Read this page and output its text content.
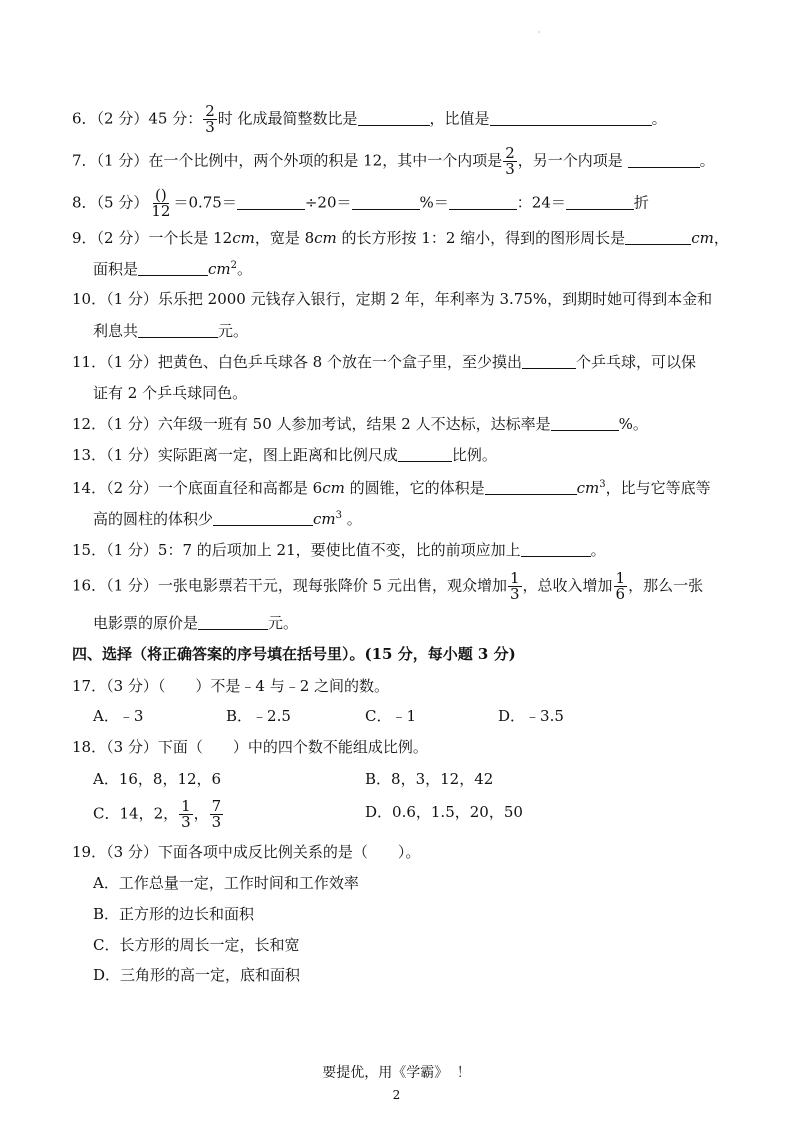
·
6．（2 分）45 分： $\frac{2}{3}$ 时 化成最简整数比是	，比值是	。
7．（1 分）在一个比例中，两个外项的积是 12，其中一个内项是 $\frac{2}{3}$ ，另一个内项是	。
8．（5 分） $\frac{()}{12} =0.75=$	÷20＝	%＝	：24＝	折
9．（2 分）一个长是 12cm，宽是 8cm 的长方形按 1：2 缩小，得到的图形周长是	cm，
面积是	$cm^2$。
10．（1 分）乐乐把 2000 元钱存入银行，定期 2 年，年利率为 3.75%，到期时她可得到本金和
利息共	元。
11．（1 分）把黄色、白色乒乓球各 8 个放在一个盒子里，至少摸出	个乒乓球，可以保
证有 2 个乒乓球同色。
12．（1 分）六年级一班有 50 人参加考试，结果 2 人不达标，达标率是	%。
13．（1 分）实际距离一定，图上距离和比例尺成	比例。
14．（2 分）一个底面直径和高都是 6cm 的圆锥，它的体积是	$cm^3$，比与它等底等
高的圆柱的体积少	$cm^3$ 。
15．（1 分）5：7 的后项加上 21，要使比值不变，比的前项应加上	。
16．（1 分）一张电影票若干元，现每张降价 5 元出售，观众增加 $\frac{1}{3}$ ，总收入增加 $\frac{1}{6}$ ，那么一张
电影票的原价是	元。
四、选择（将正确答案的序号填在括号里）。(15 分，每小题 3 分)
17．（3 分）（　　）不是﹣4 与﹣2 之间的数。
A．﹣3	B．﹣2.5	C．﹣1	D．﹣3.5
18．（3 分）下面（　　）中的四个数不能组成比例。
A．16，8，12，6	B．8，3，12，42
C．14，2， $\frac{1}{3}$ ， $\frac{7}{3}$	D．0.6，1.5，20，50
19．（3 分）下面各项中成反比例关系的是（　　）。
A．工作总量一定，工作时间和工作效率
B．正方形的边长和面积
C．长方形的周长一定，长和宽
D．三角形的高一定，底和面积
要提优，用《学霸》 ！
2
